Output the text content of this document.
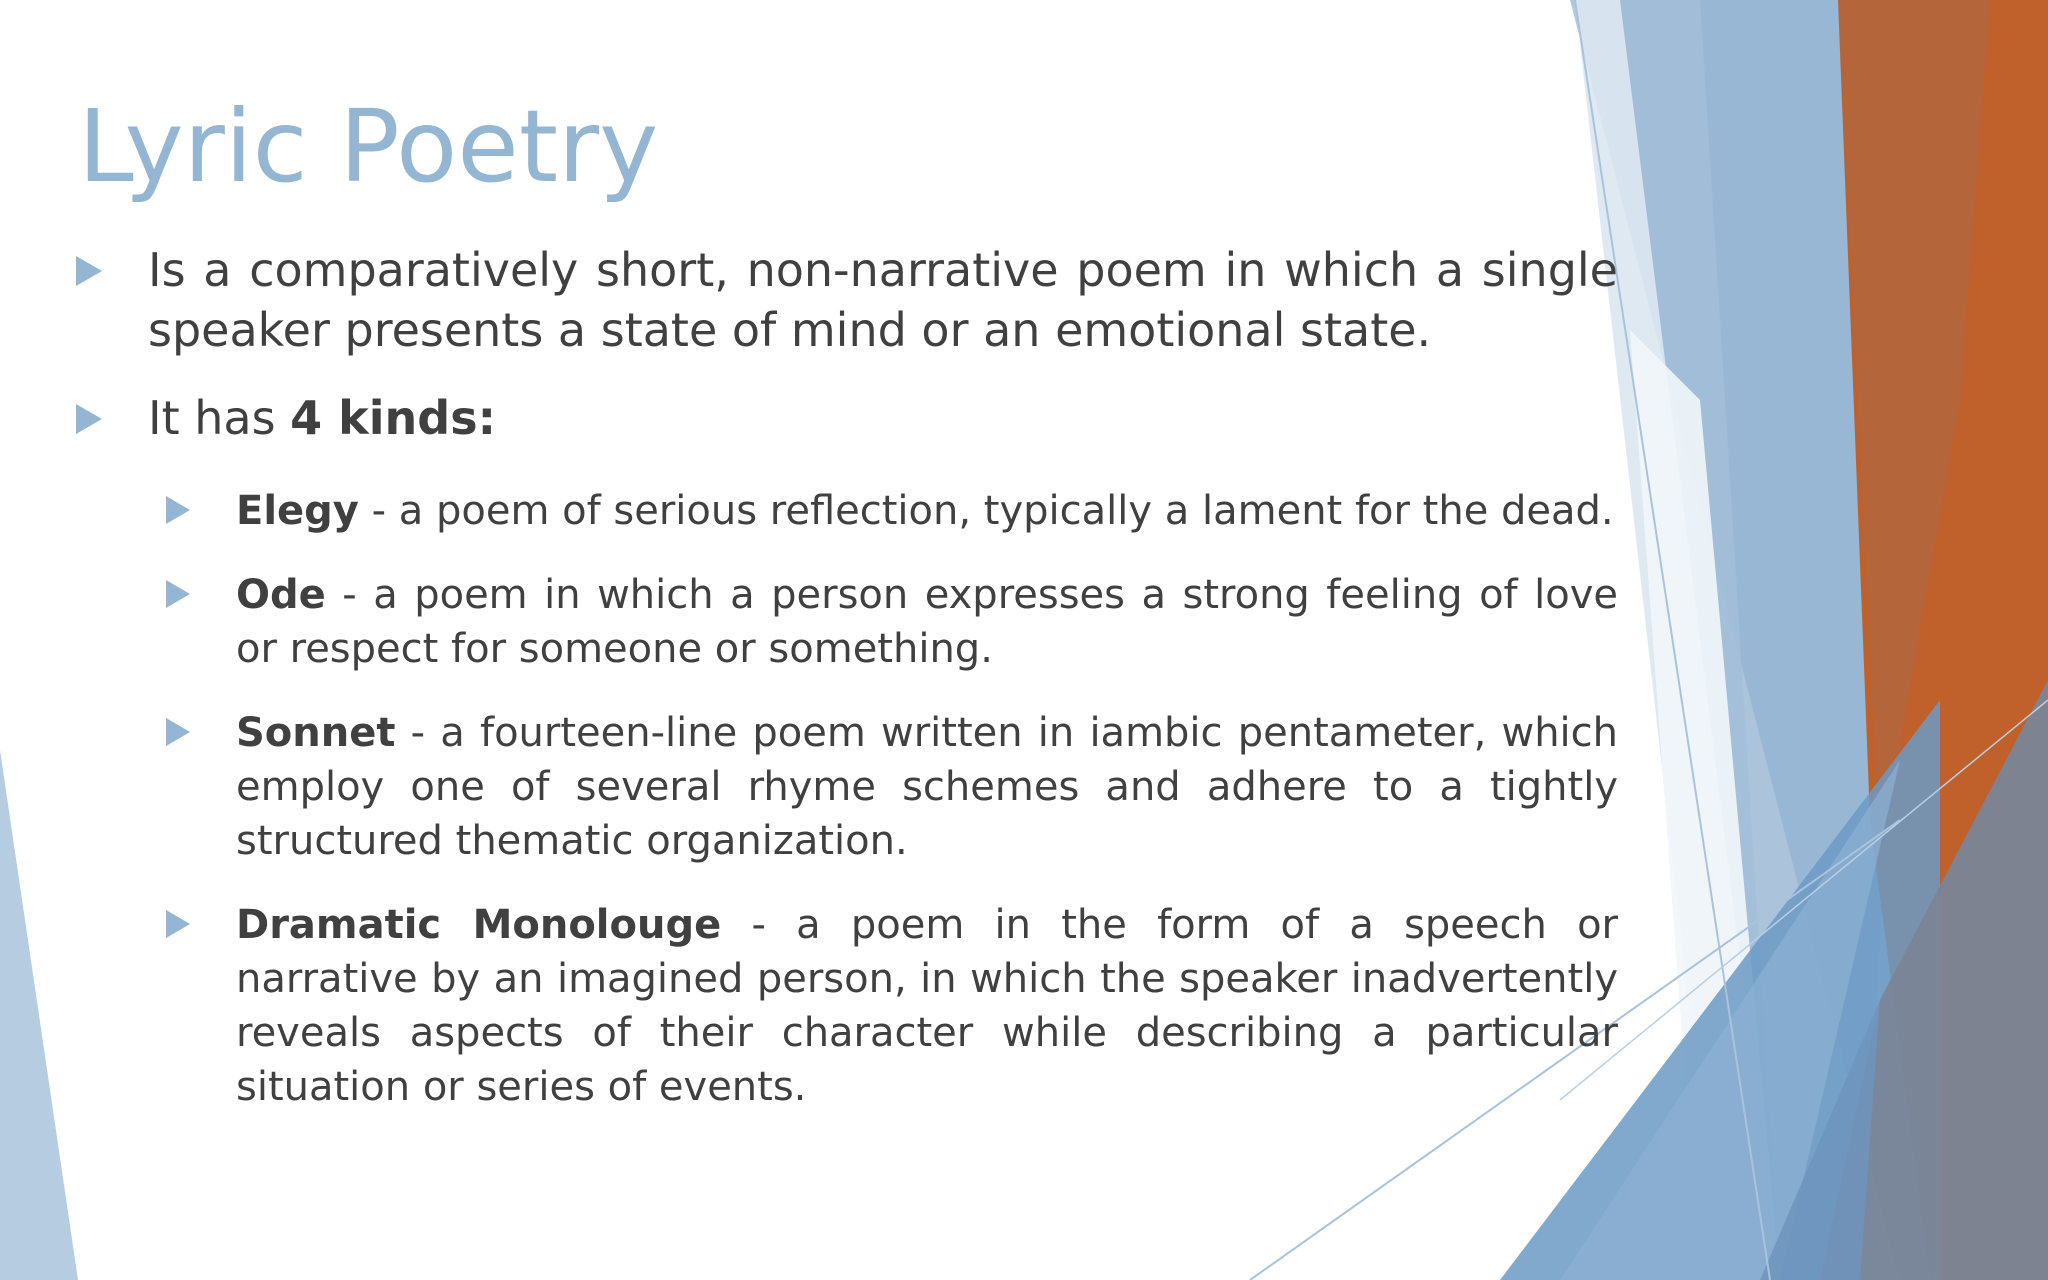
Lyric Poetry
Is a comparatively short, non-narrative poem in which a single speaker presents a state of mind or an emotional state.
It has 4 kinds:
Elegy - a poem of serious reflection, typically a lament for the dead.
Ode - a poem in which a person expresses a strong feeling of love or respect for someone or something.
Sonnet - a fourteen-line poem written in iambic pentameter, which employ one of several rhyme schemes and adhere to a tightly structured thematic organization.
Dramatic Monolouge - a poem in the form of a speech or narrative by an imagined person, in which the speaker inadvertently reveals aspects of their character while describing a particular situation or series of events.
